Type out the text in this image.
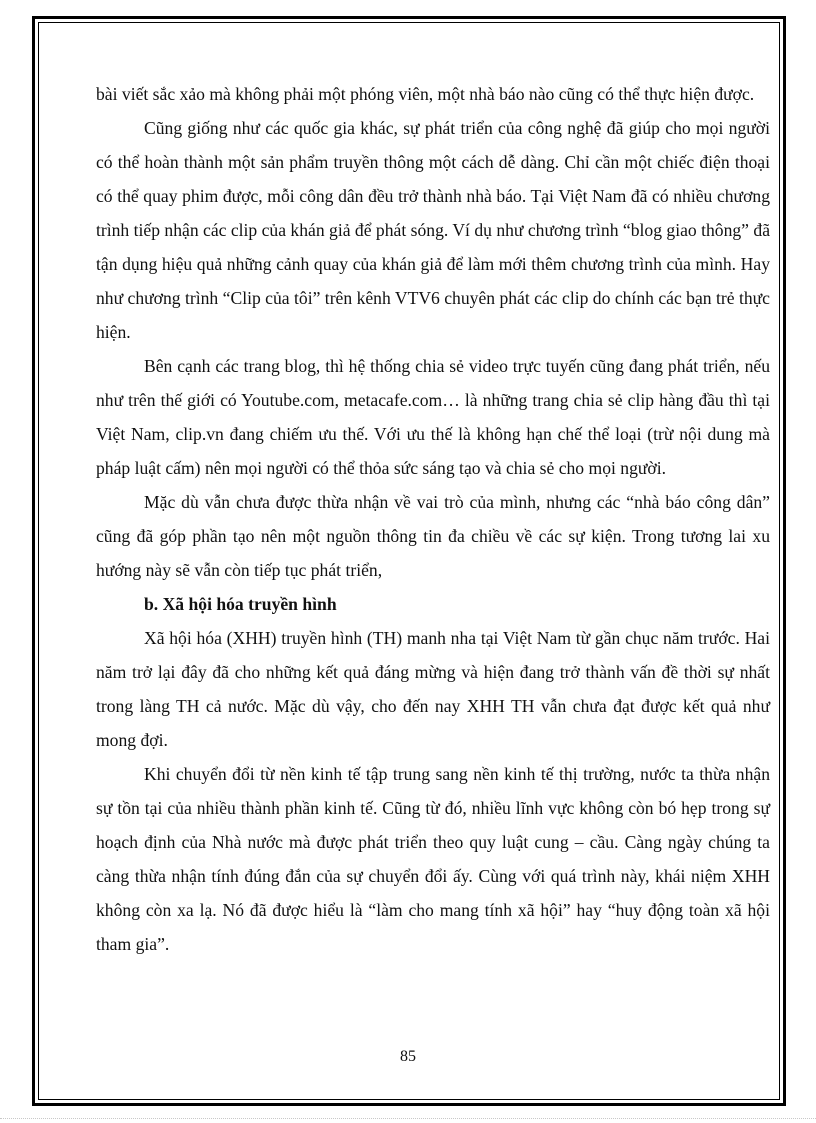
bài viết sắc xảo mà không phải một phóng viên, một nhà báo nào cũng có thể thực hiện được.

Cũng giống như các quốc gia khác, sự phát triển của công nghệ đã giúp cho mọi người có thể hoàn thành một sản phẩm truyền thông một cách dễ dàng. Chỉ cần một chiếc điện thoại có thể quay phim được, mỗi công dân đều trở thành nhà báo. Tại Việt Nam đã có nhiều chương trình tiếp nhận các clip của khán giả để phát sóng. Ví dụ như chương trình “blog giao thông” đã tận dụng hiệu quả những cảnh quay của khán giả để làm mới thêm chương trình của mình. Hay như chương trình “Clip của tôi” trên kênh VTV6 chuyên phát các clip do chính các bạn trẻ thực hiện.

Bên cạnh các trang blog, thì hệ thống chia sẻ video trực tuyến cũng đang phát triển, nếu như trên thế giới có Youtube.com, metacafe.com… là những trang chia sẻ clip hàng đầu thì tại Việt Nam, clip.vn đang chiếm ưu thế. Với ưu thế là không hạn chế thể loại (trừ nội dung mà pháp luật cấm) nên mọi người có thể thỏa sức sáng tạo và chia sẻ cho mọi người.

Mặc dù vẫn chưa được thừa nhận về vai trò của mình, nhưng các “nhà báo công dân” cũng đã góp phần tạo nên một nguồn thông tin đa chiều về các sự kiện. Trong tương lai xu hướng này sẽ vẫn còn tiếp tục phát triển,

b. Xã hội hóa truyền hình

Xã hội hóa (XHH) truyền hình (TH) manh nha tại Việt Nam từ gần chục năm trước. Hai năm trở lại đây đã cho những kết quả đáng mừng và hiện đang trở thành vấn đề thời sự nhất trong làng TH cả nước. Mặc dù vậy, cho đến nay XHH TH vẫn chưa đạt được kết quả như mong đợi.

Khi chuyển đổi từ nền kinh tế tập trung sang nền kinh tế thị trường, nước ta thừa nhận sự tồn tại của nhiều thành phần kinh tế. Cũng từ đó, nhiều lĩnh vực không còn bó hẹp trong sự hoạch định của Nhà nước mà được phát triển theo quy luật cung – cầu. Càng ngày chúng ta càng thừa nhận tính đúng đắn của sự chuyển đổi ấy. Cùng với quá trình này, khái niệm XHH không còn xa lạ. Nó đã được hiểu là “làm cho mang tính xã hội” hay “huy động toàn xã hội tham gia”.

85
